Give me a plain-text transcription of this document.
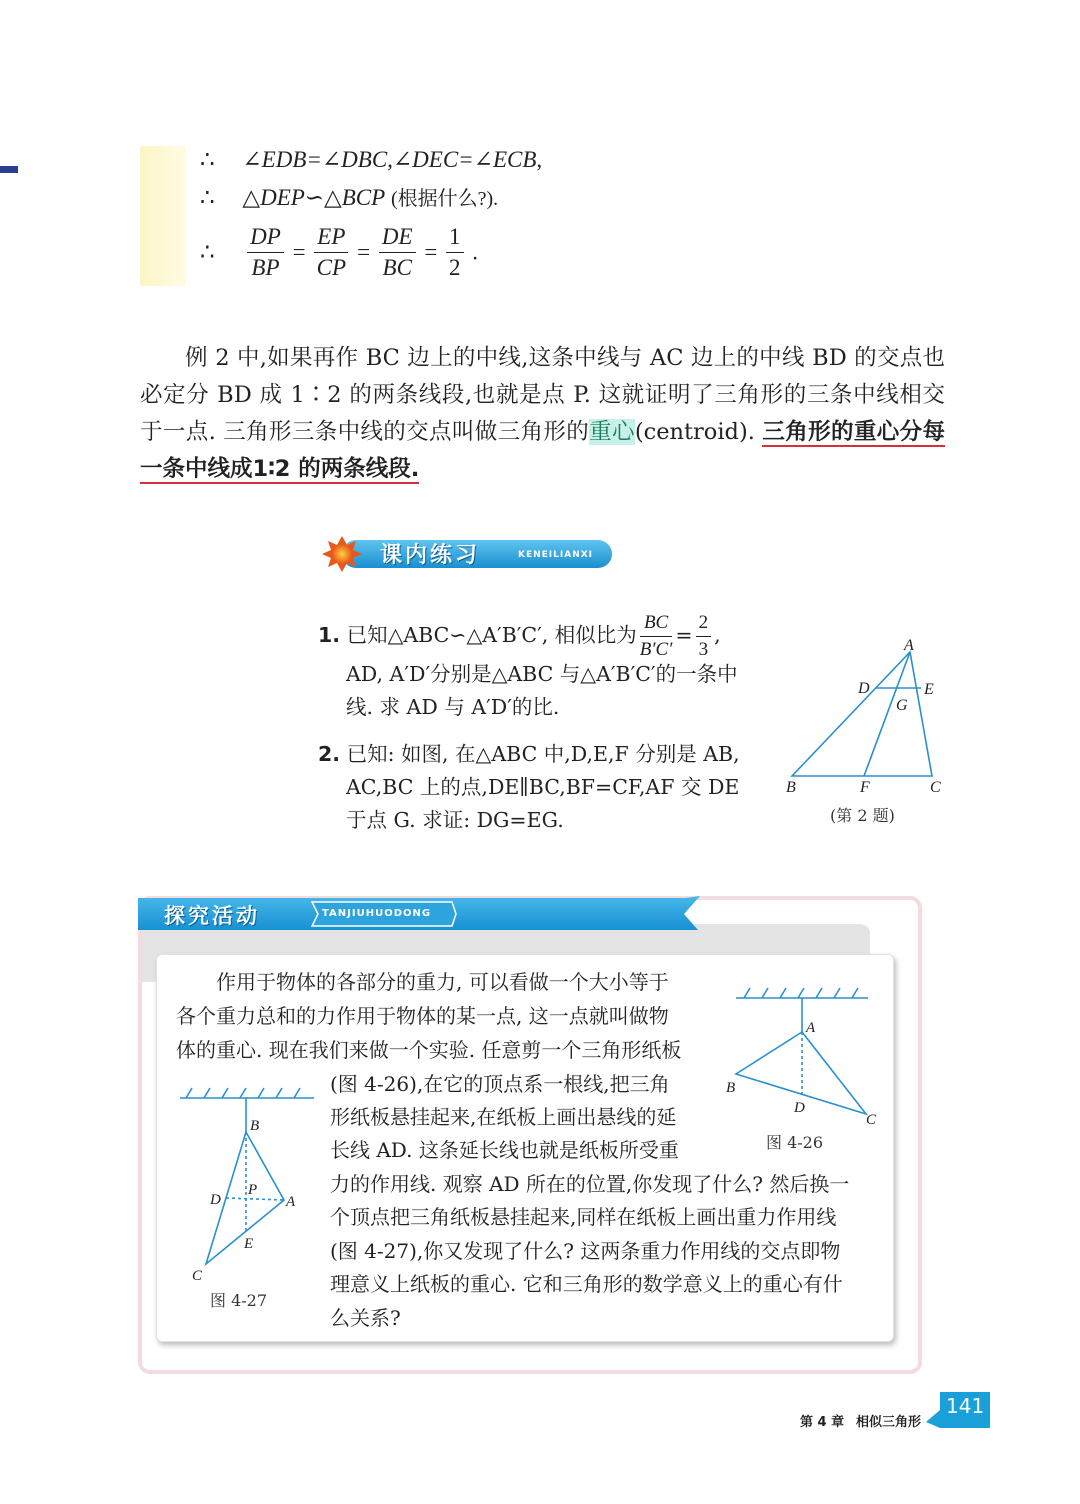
∴ ∠EDB=∠DBC,∠DEC=∠ECB,
∴ △DEP∽△BCP (根据什么?).
∴ $\frac{DP}{BP} = \frac{EP}{CP} = \frac{DE}{BC} = \frac{1}{2}$ .

例 2 中,如果再作 BC 边上的中线,这条中线与 AC 边上的中线 BD 的交点也必定分 BD 成 1∶2 的两条线段,也就是点 P. 这就证明了三角形的三条中线相交于一点. 三角形三条中线的交点叫做三角形的重心(centroid). 三角形的重心分每一条中线成1∶2 的两条线段.

课内练习	KENEILIANXI
1. 已知△ABC∽△A′B′C′, 相似比为 $\frac{BC}{B'C'} = \frac{2}{3}$ ,
AD, A′D′分别是△ABC 与△A′B′C′的一条中
线. 求 AD 与 A′D′的比.
2. 已知: 如图, 在△ABC 中,D,E,F 分别是 AB,
AC,BC 上的点,DE∥BC,BF=CF,AF 交 DE
于点 G. 求证: DG=EG.
A
B	C
D	E
F
G
(第 2 题)
探究活动	TANJIUHUODONG
作用于物体的各部分的重力, 可以看做一个大小等于
各个重力总和的力作用于物体的某一点, 这一点就叫做物
体的重心. 现在我们来做一个实验. 任意剪一个三角形纸板
(图 4-26),在它的顶点系一根线,把三角
形纸板悬挂起来,在纸板上画出悬线的延
长线 AD. 这条延长线也就是纸板所受重
力的作用线. 观察 AD 所在的位置,你发现了什么? 然后换一
个顶点把三角纸板悬挂起来,同样在纸板上画出重力作用线
(图 4-27),你又发现了什么? 这两条重力作用线的交点即物
理意义上纸板的重心. 它和三角形的数学意义上的重心有什
么关系?
A
B
C
D
图 4-26
B
A
D
P
E
C
图 4-27
第 4 章 相似三角形
141
